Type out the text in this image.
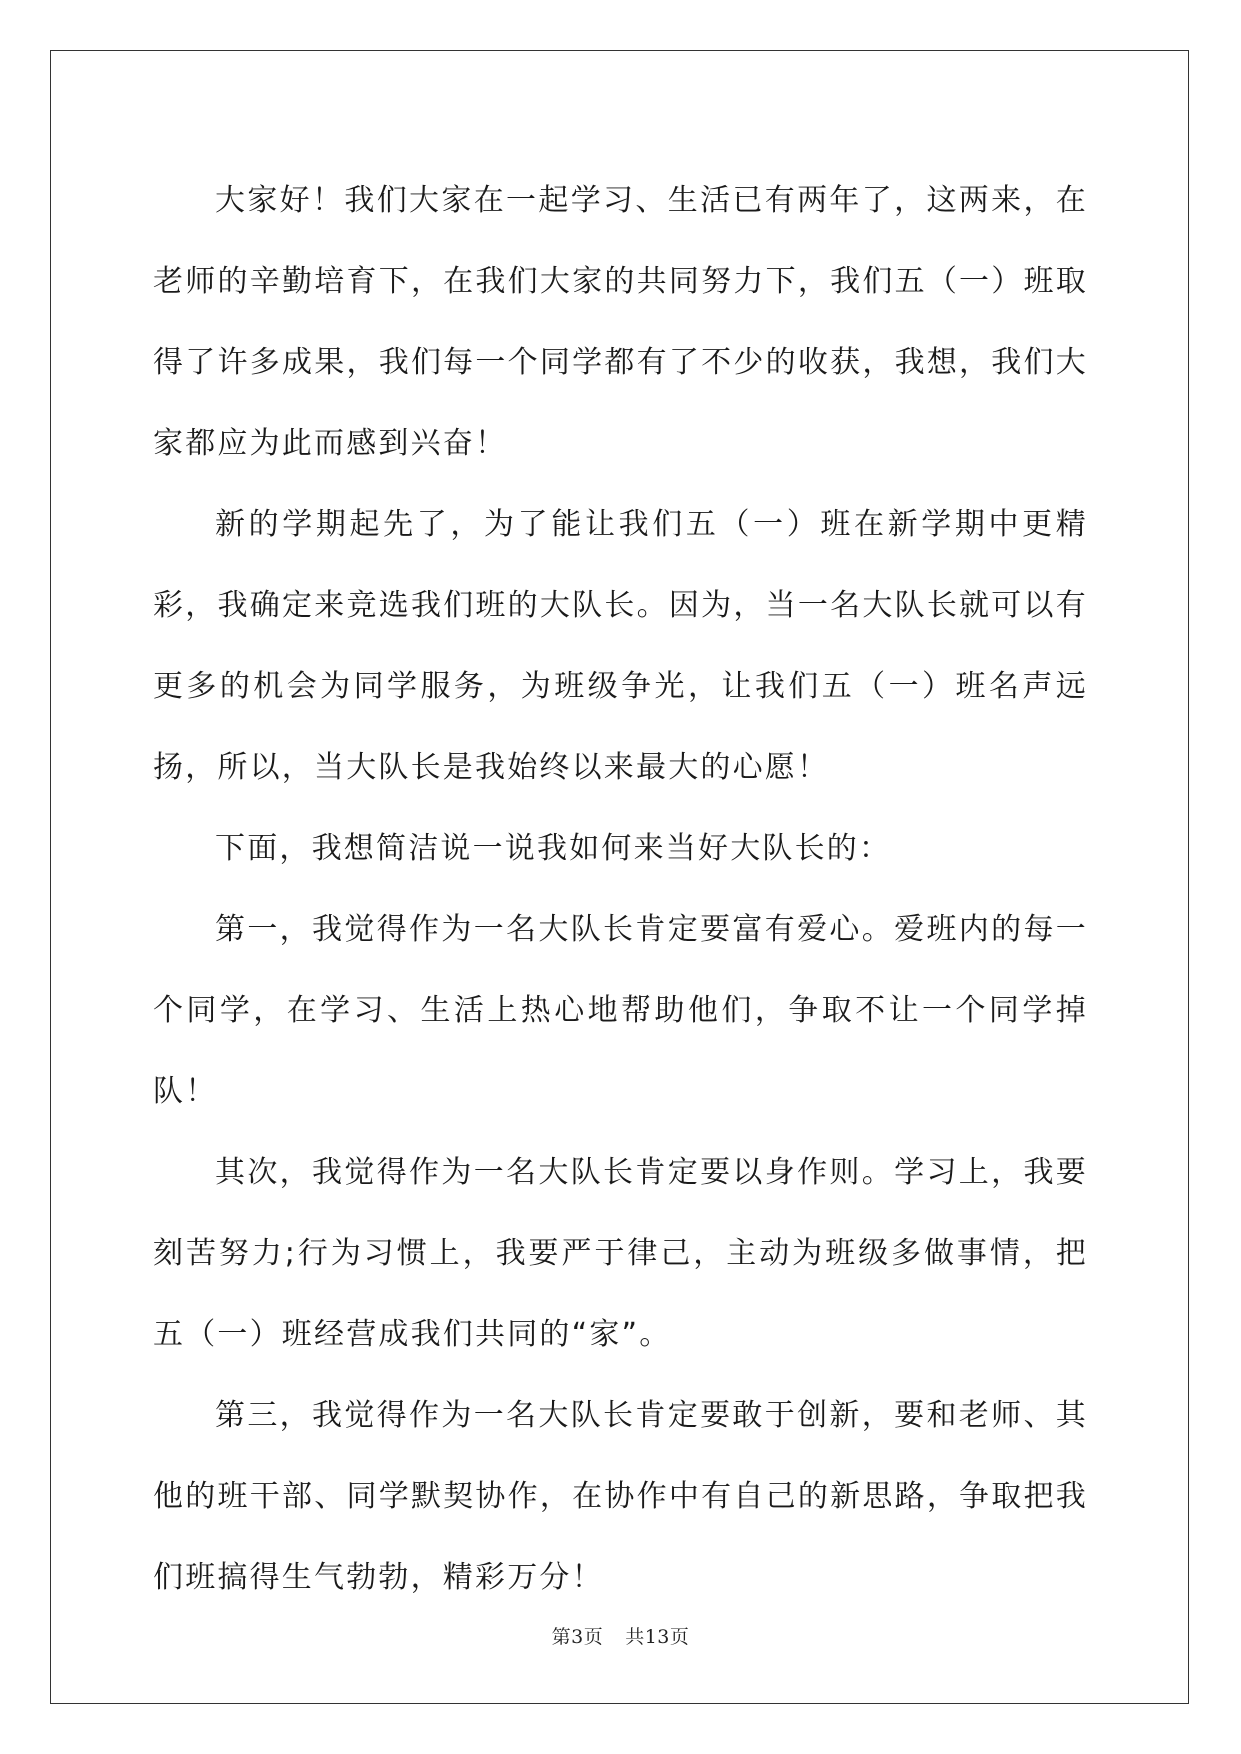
大家好！我们大家在一起学习、生活已有两年了，这两来，在老师的辛勤培育下，在我们大家的共同努力下，我们五（一）班取得了许多成果，我们每一个同学都有了不少的收获，我想，我们大家都应为此而感到兴奋！

新的学期起先了，为了能让我们五（一）班在新学期中更精彩，我确定来竞选我们班的大队长。因为，当一名大队长就可以有更多的机会为同学服务，为班级争光，让我们五（一）班名声远扬，所以，当大队长是我始终以来最大的心愿！

下面，我想简洁说一说我如何来当好大队长的：

第一，我觉得作为一名大队长肯定要富有爱心。爱班内的每一个同学，在学习、生活上热心地帮助他们，争取不让一个同学掉队！

其次，我觉得作为一名大队长肯定要以身作则。学习上，我要刻苦努力;行为习惯上，我要严于律己，主动为班级多做事情，把五（一）班经营成我们共同的“家”。

第三，我觉得作为一名大队长肯定要敢于创新，要和老师、其他的班干部、同学默契协作，在协作中有自己的新思路，争取把我们班搞得生气勃勃，精彩万分！

第3页 共13页
